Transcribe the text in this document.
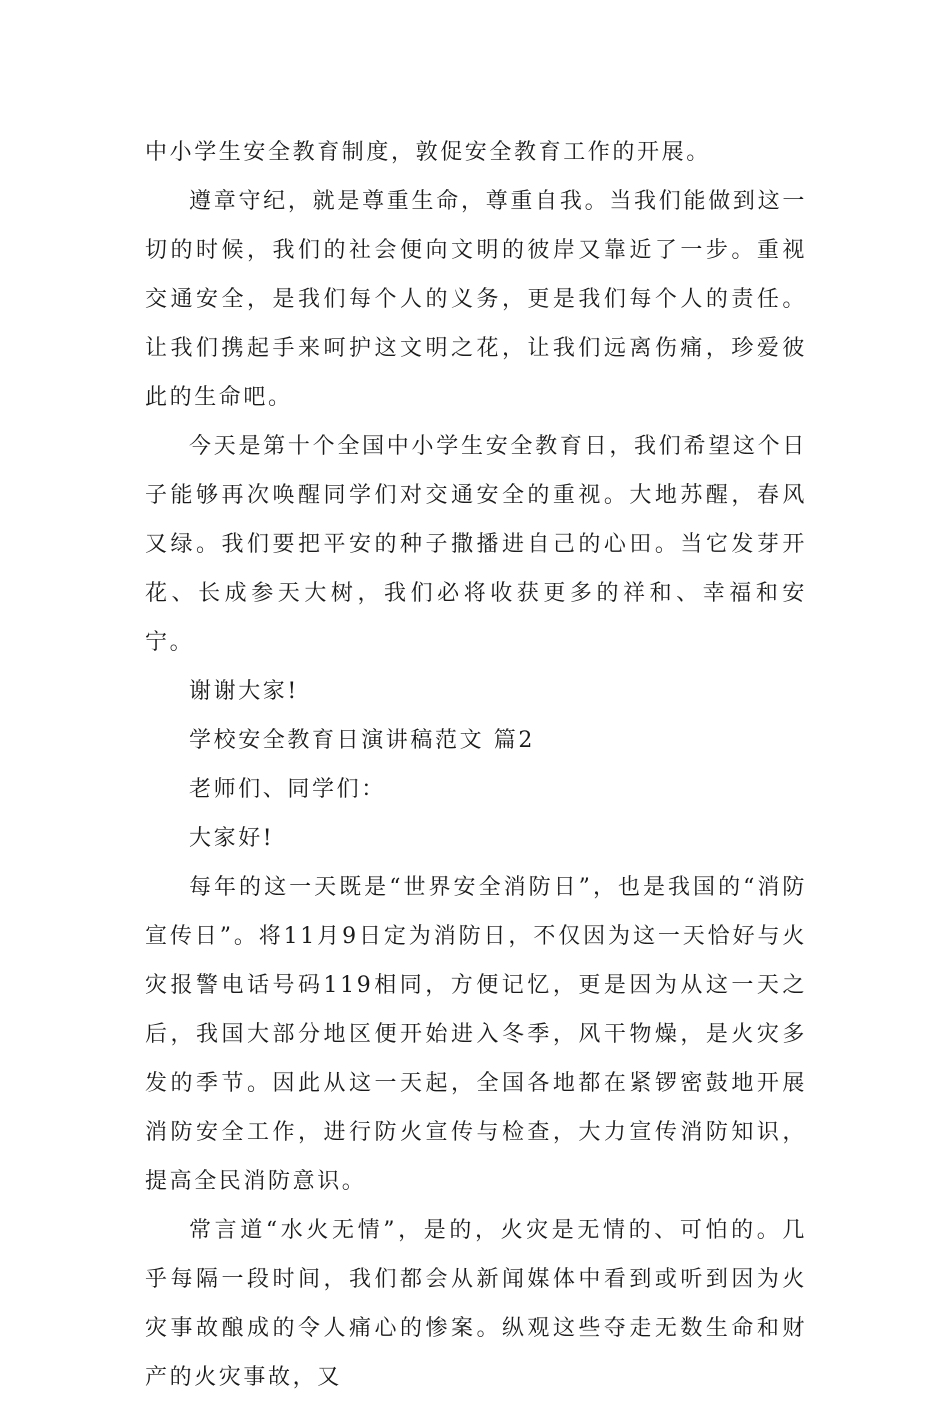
中小学生安全教育制度，敦促安全教育工作的开展。

遵章守纪，就是尊重生命，尊重自我。当我们能做到这一切的时候，我们的社会便向文明的彼岸又靠近了一步。重视交通安全，是我们每个人的义务，更是我们每个人的责任。让我们携起手来呵护这文明之花，让我们远离伤痛，珍爱彼此的生命吧。

今天是第十个全国中小学生安全教育日，我们希望这个日子能够再次唤醒同学们对交通安全的重视。大地苏醒，春风又绿。我们要把平安的种子撒播进自己的心田。当它发芽开花、长成参天大树，我们必将收获更多的祥和、幸福和安宁。

谢谢大家!

学校安全教育日演讲稿范文 篇2

老师们、同学们：

大家好!

每年的这一天既是“世界安全消防日”，也是我国的“消防宣传日”。将11月9日定为消防日，不仅因为这一天恰好与火灾报警电话号码119相同，方便记忆，更是因为从这一天之后，我国大部分地区便开始进入冬季，风干物燥，是火灾多发的季节。因此从这一天起，全国各地都在紧锣密鼓地开展消防安全工作，进行防火宣传与检查，大力宣传消防知识，提高全民消防意识。

常言道“水火无情”，是的，火灾是无情的、可怕的。几乎每隔一段时间，我们都会从新闻媒体中看到或听到因为火灾事故酿成的令人痛心的惨案。纵观这些夺走无数生命和财产的火灾事故，又
